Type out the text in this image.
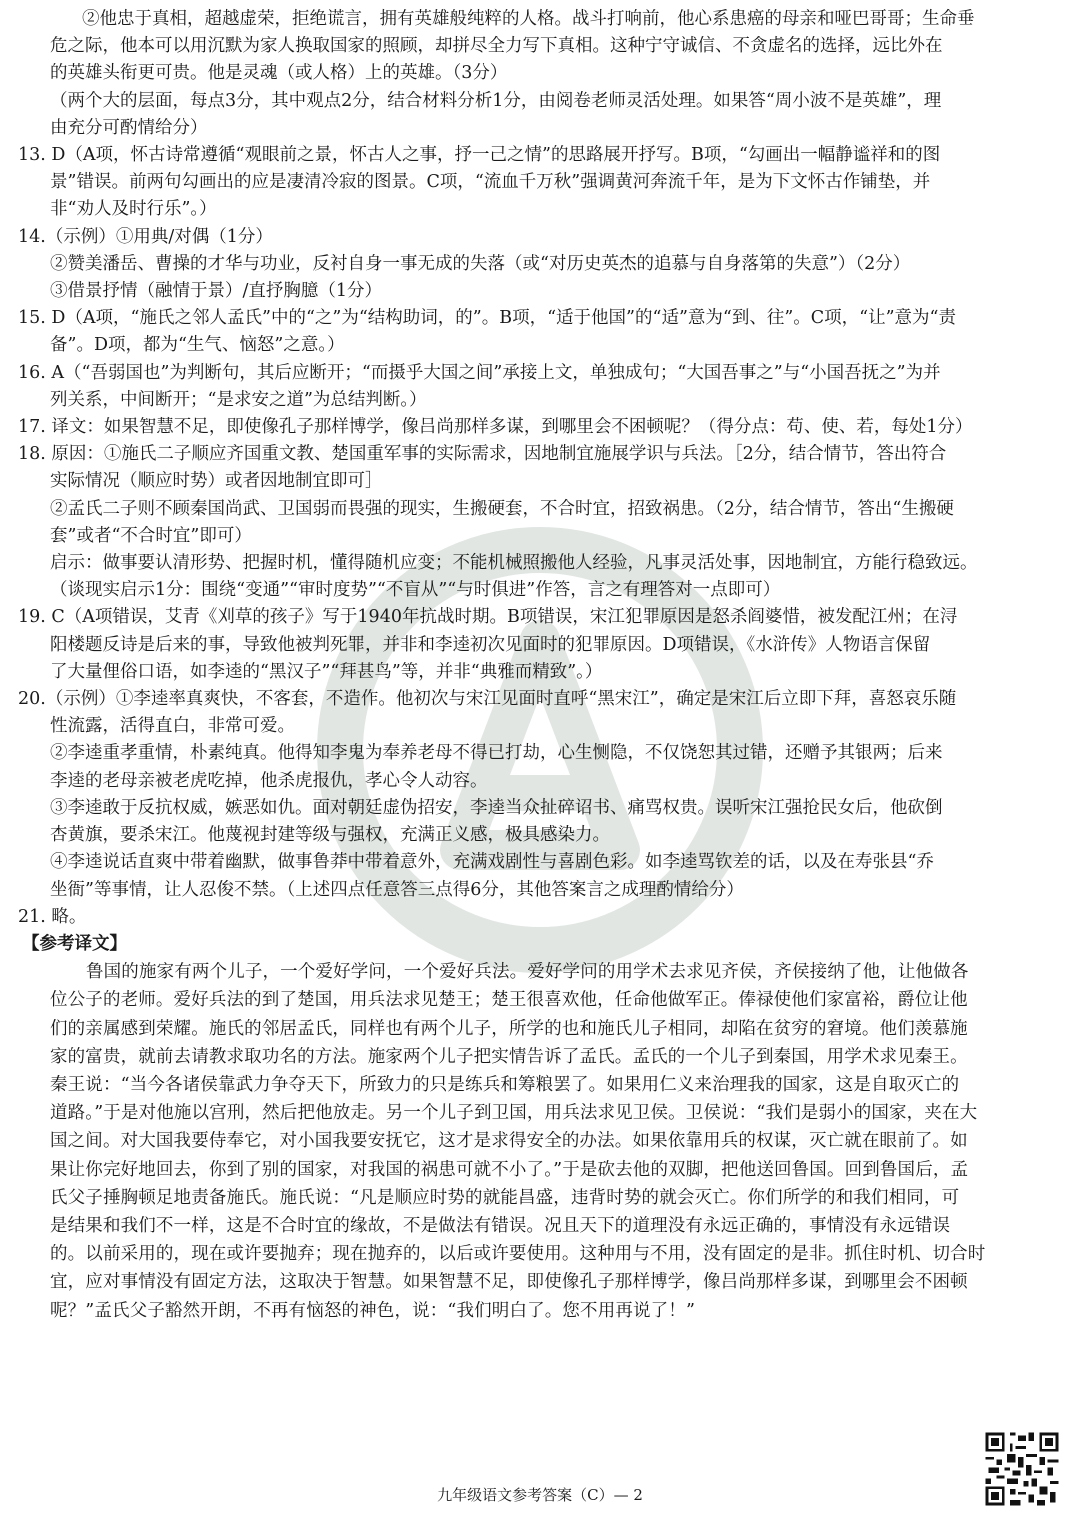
②他忠于真相，超越虚荣，拒绝谎言，拥有英雄般纯粹的人格。战斗打响前，他心系患癌的母亲和哑巴哥哥；生命垂
危之际，他本可以用沉默为家人换取国家的照顾，却拼尽全力写下真相。这种宁守诚信、不贪虚名的选择，远比外在
的英雄头衔更可贵。他是灵魂（或人格）上的英雄。（3分）
（两个大的层面，每点3分，其中观点2分，结合材料分析1分，由阅卷老师灵活处理。如果答“周小波不是英雄”，理
由充分可酌情给分）
13. D（A项，怀古诗常遵循“观眼前之景，怀古人之事，抒一己之情”的思路展开抒写。B项，“勾画出一幅静谧祥和的图
景”错误。前两句勾画出的应是凄清冷寂的图景。C项，“流血千万秋”强调黄河奔流千年，是为下文怀古作铺垫，并
非“劝人及时行乐”。）
14.（示例）①用典/对偶（1分）
②赞美潘岳、曹操的才华与功业，反衬自身一事无成的失落（或“对历史英杰的追慕与自身落第的失意”）（2分）
③借景抒情（融情于景）/直抒胸臆（1分）
15. D（A项，“施氏之邻人孟氏”中的“之”为“结构助词，的”。B项，“适于他国”的“适”意为“到、往”。C项，“让”意为“责
备”。D项，都为“生气、恼怒”之意。）
16. A（“吾弱国也”为判断句，其后应断开；“而摄乎大国之间”承接上文，单独成句；“大国吾事之”与“小国吾抚之”为并
列关系，中间断开；“是求安之道”为总结判断。）
17. 译文：如果智慧不足，即使像孔子那样博学，像吕尚那样多谋，到哪里会不困顿呢？（得分点：苟、使、若，每处1分）
18. 原因：①施氏二子顺应齐国重文教、楚国重军事的实际需求，因地制宜施展学识与兵法。［2分，结合情节，答出符合
实际情况（顺应时势）或者因地制宜即可］
②孟氏二子则不顾秦国尚武、卫国弱而畏强的现实，生搬硬套，不合时宜，招致祸患。（2分，结合情节，答出“生搬硬
套”或者“不合时宜”即可）
启示：做事要认清形势、把握时机，懂得随机应变；不能机械照搬他人经验，凡事灵活处事，因地制宜，方能行稳致远。
（谈现实启示1分：围绕“变通”“审时度势”“不盲从”“与时俱进”作答，言之有理答对一点即可）
19. C（A项错误，艾青《刈草的孩子》写于1940年抗战时期。B项错误，宋江犯罪原因是怒杀阎婆惜，被发配江州；在浔
阳楼题反诗是后来的事，导致他被判死罪，并非和李逵初次见面时的犯罪原因。D项错误，《水浒传》人物语言保留
了大量俚俗口语，如李逵的“黑汉子”“拜甚鸟”等，并非“典雅而精致”。）
20.（示例）①李逵率真爽快，不客套，不造作。他初次与宋江见面时直呼“黑宋江”，确定是宋江后立即下拜，喜怒哀乐随
性流露，活得直白，非常可爱。
②李逵重孝重情，朴素纯真。他得知李鬼为奉养老母不得已打劫，心生恻隐，不仅饶恕其过错，还赠予其银两；后来
李逵的老母亲被老虎吃掉，他杀虎报仇，孝心令人动容。
③李逵敢于反抗权威，嫉恶如仇。面对朝廷虚伪招安，李逵当众扯碎诏书、痛骂权贵。误听宋江强抢民女后，他砍倒
杏黄旗，要杀宋江。他蔑视封建等级与强权，充满正义感，极具感染力。
④李逵说话直爽中带着幽默，做事鲁莽中带着意外，充满戏剧性与喜剧色彩。如李逵骂钦差的话，以及在寿张县“乔
坐衙”等事情，让人忍俊不禁。（上述四点任意答三点得6分，其他答案言之成理酌情给分）
21. 略。
【参考译文】
鲁国的施家有两个儿子，一个爱好学问，一个爱好兵法。爱好学问的用学术去求见齐侯，齐侯接纳了他，让他做各
位公子的老师。爱好兵法的到了楚国，用兵法求见楚王；楚王很喜欢他，任命他做军正。俸禄使他们家富裕，爵位让他
们的亲属感到荣耀。施氏的邻居孟氏，同样也有两个儿子，所学的也和施氏儿子相同，却陷在贫穷的窘境。他们羡慕施
家的富贵，就前去请教求取功名的方法。施家两个儿子把实情告诉了孟氏。孟氏的一个儿子到秦国，用学术求见秦王。
秦王说：“当今各诸侯靠武力争夺天下，所致力的只是练兵和筹粮罢了。如果用仁义来治理我的国家，这是自取灭亡的
道路。”于是对他施以宫刑，然后把他放走。另一个儿子到卫国，用兵法求见卫侯。卫侯说：“我们是弱小的国家，夹在大
国之间。对大国我要侍奉它，对小国我要安抚它，这才是求得安全的办法。如果依靠用兵的权谋，灭亡就在眼前了。如
果让你完好地回去，你到了别的国家，对我国的祸患可就不小了。”于是砍去他的双脚，把他送回鲁国。回到鲁国后，孟
氏父子捶胸顿足地责备施氏。施氏说：“凡是顺应时势的就能昌盛，违背时势的就会灭亡。你们所学的和我们相同，可
是结果和我们不一样，这是不合时宜的缘故，不是做法有错误。况且天下的道理没有永远正确的，事情没有永远错误
的。以前采用的，现在或许要抛弃；现在抛弃的，以后或许要使用。这种用与不用，没有固定的是非。抓住时机、切合时
宜，应对事情没有固定方法，这取决于智慧。如果智慧不足，即使像孔子那样博学，像吕尚那样多谋，到哪里会不困顿
呢？”孟氏父子豁然开朗，不再有恼怒的神色，说：“我们明白了。您不用再说了！”
九年级语文参考答案（C）— 2
